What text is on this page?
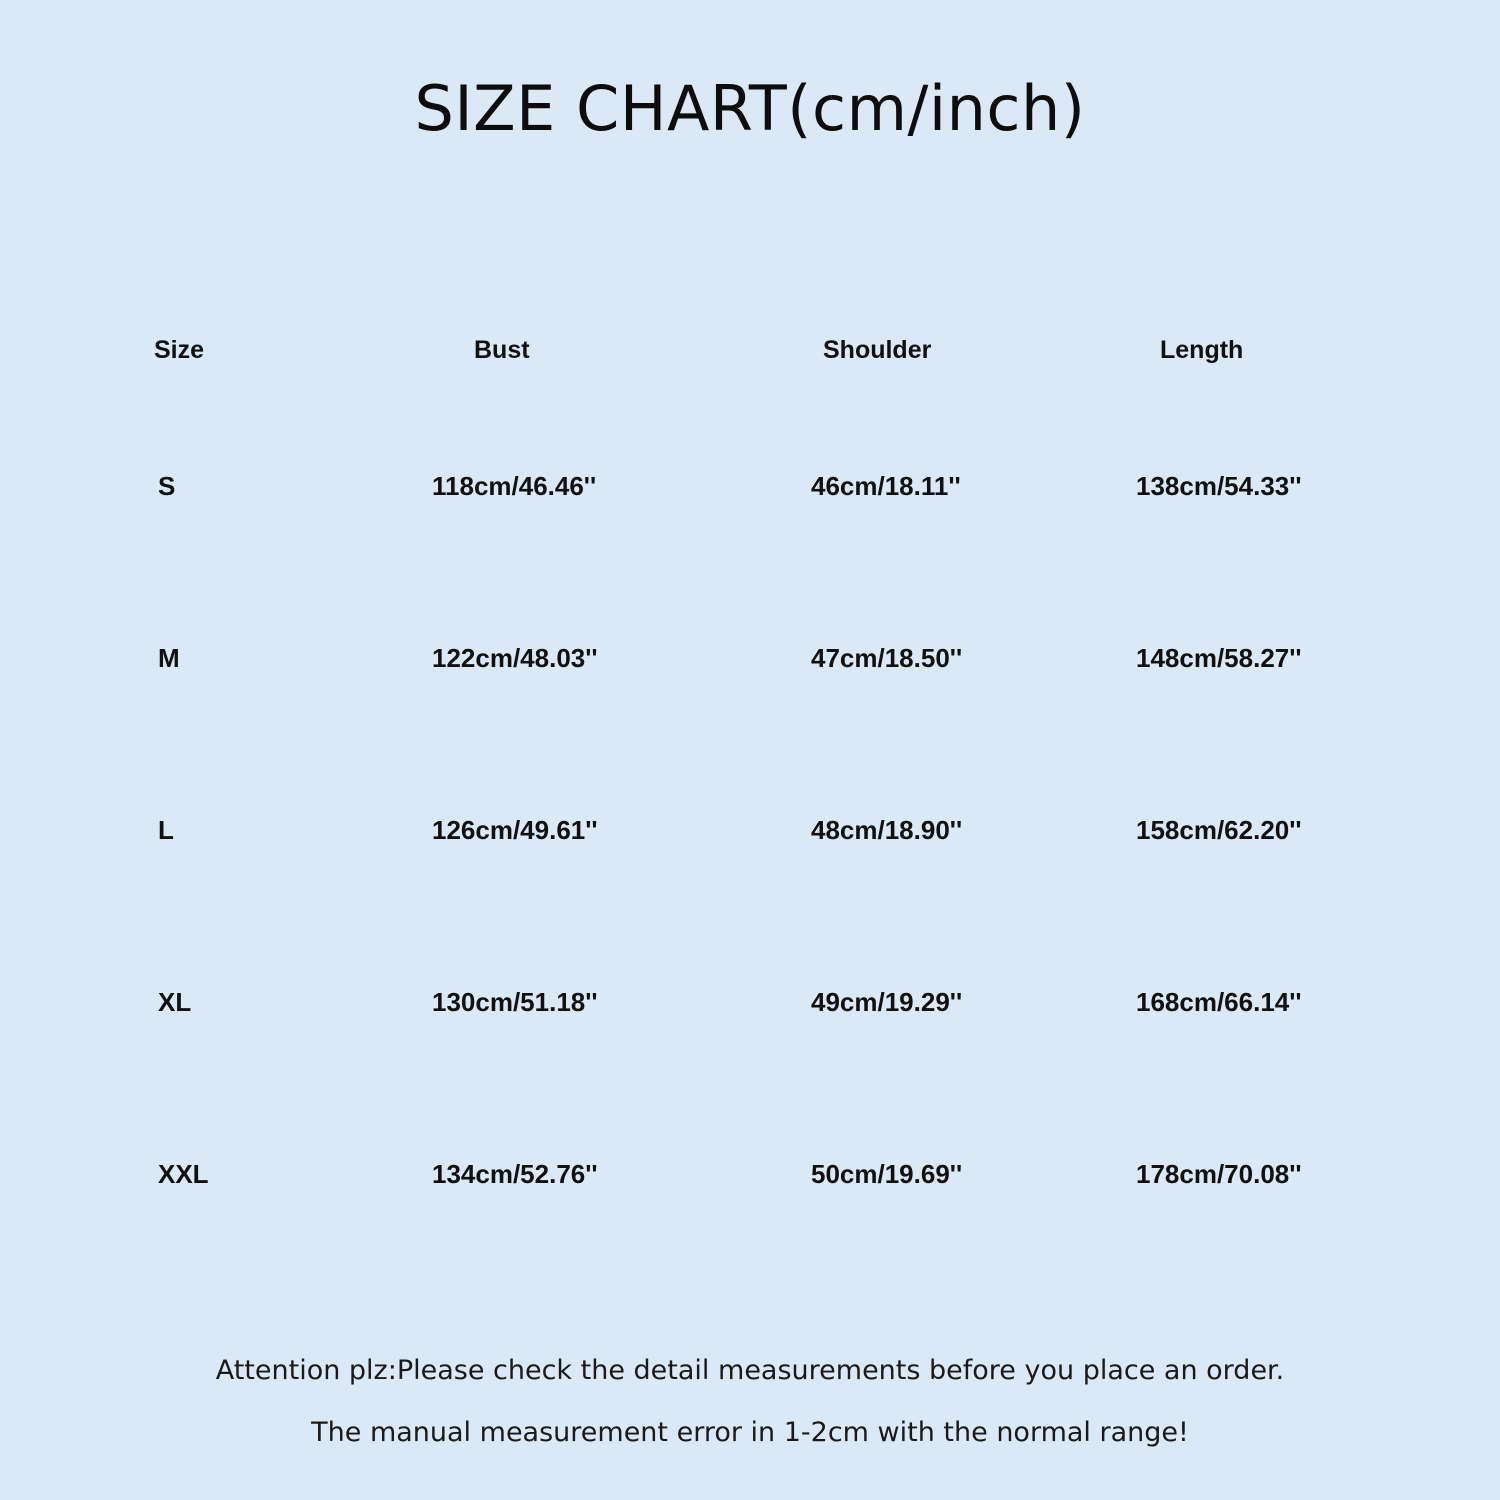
SIZE CHART(cm/inch)
Size	Bust	Shoulder	Length
S	118cm/46.46''	46cm/18.11''	138cm/54.33''
M	122cm/48.03''	47cm/18.50''	148cm/58.27''
L	126cm/49.61''	48cm/18.90''	158cm/62.20''
XL	130cm/51.18''	49cm/19.29''	168cm/66.14''
XXL	134cm/52.76''	50cm/19.69''	178cm/70.08''
Attention plz:Please check the detail measurements before you place an order.
The manual measurement error in 1-2cm with the normal range!
